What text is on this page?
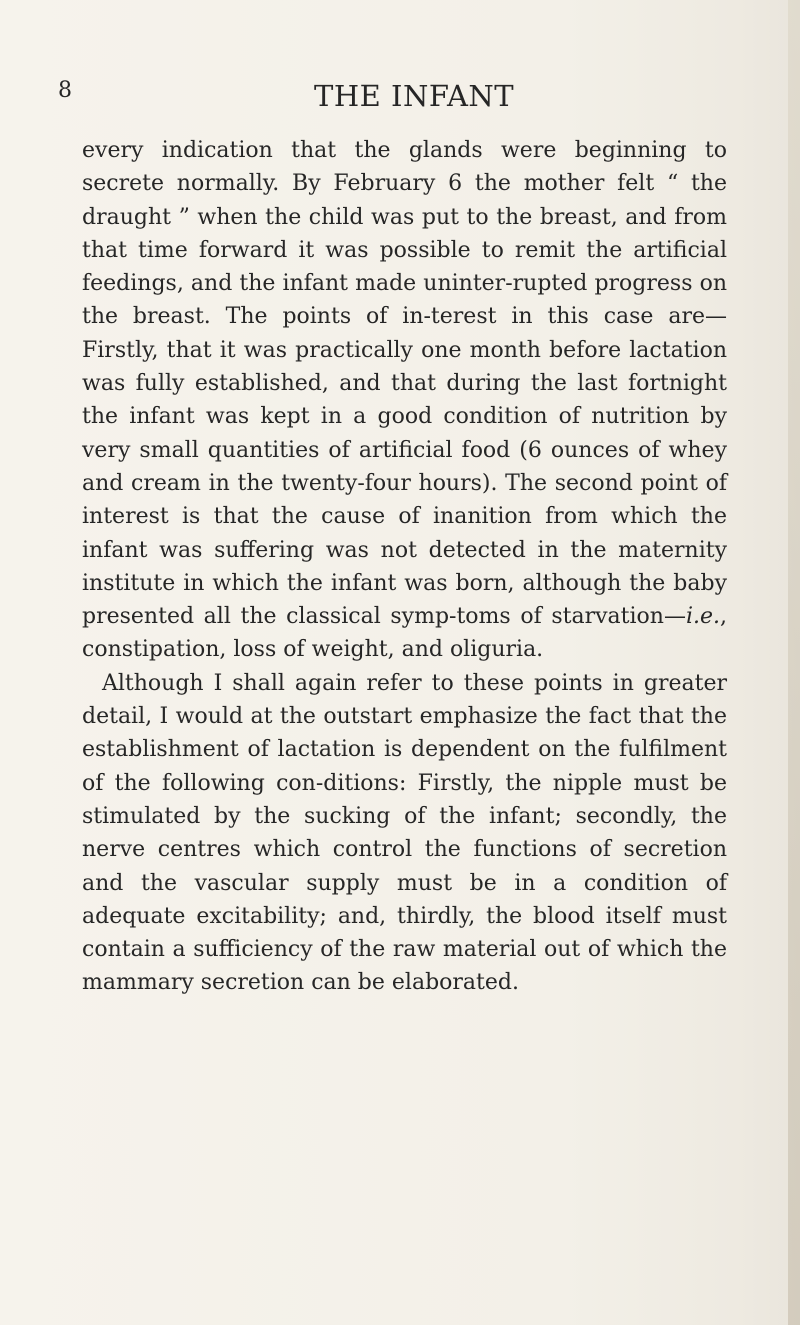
8	THE INFANT

every indication that the glands were beginning to secrete normally. By February 6 the mother felt “ the draught ” when the child was put to the breast, and from that time forward it was possible to remit the artificial feedings, and the infant made uninter-rupted progress on the breast. The points of in-terest in this case are—Firstly, that it was practically one month before lactation was fully established, and that during the last fortnight the infant was kept in a good condition of nutrition by very small quantities of artificial food (6 ounces of whey and cream in the twenty-four hours). The second point of interest is that the cause of inanition from which the infant was suffering was not detected in the maternity institute in which the infant was born, although the baby presented all the classical symp-toms of starvation—i.e., constipation, loss of weight, and oliguria.

Although I shall again refer to these points in greater detail, I would at the outstart emphasize the fact that the establishment of lactation is dependent on the fulfilment of the following con-ditions: Firstly, the nipple must be stimulated by the sucking of the infant; secondly, the nerve centres which control the functions of secretion and the vascular supply must be in a condition of adequate excitability; and, thirdly, the blood itself must contain a sufficiency of the raw material out of which the mammary secretion can be elaborated.
